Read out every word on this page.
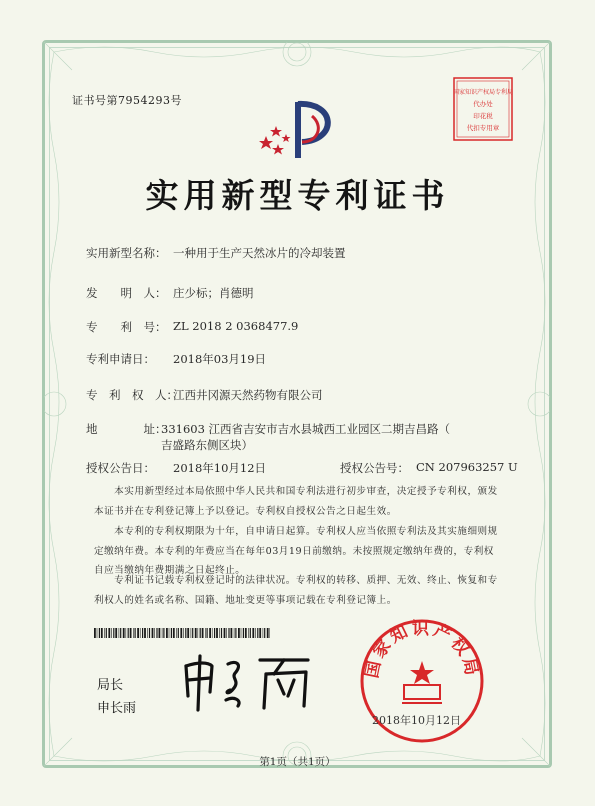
证书号第7954293号
国家知识产权局专利局
代办处
印花税
代扣专用章
实用新型专利证书
实用新型名称： 一种用于生产天然冰片的冷却装置
发　　明　人： 庄少标；肖德明
专　　利　号： ZL 2018 2 0368477.9
专利申请日： 2018年03月19日
专　利　权　人：
江西井冈源天然药物有限公司
地　　　　址：
331603 江西省吉安市吉水县城西工业园区二期吉昌路（
吉盛路东侧区块）
授权公告日： 2018年10月12日	授权公告号： CN 207963257 U
　　本实用新型经过本局依照中华人民共和国专利法进行初步审查，决定授予专利权，颁发
本证书并在专利登记簿上予以登记。专利权自授权公告之日起生效。
　　本专利的专利权期限为十年，自申请日起算。专利权人应当依照专利法及其实施细则规
定缴纳年费。本专利的年费应当在每年03月19日前缴纳。未按照规定缴纳年费的，专利权
自应当缴纳年费期满之日起终止。
　　专利证书记载专利权登记时的法律状况。专利权的转移、质押、无效、终止、恢复和专
利权人的姓名或名称、国籍、地址变更等事项记载在专利登记簿上。
局长
申长雨
国家知识产权局
2018年10月12日
第1页（共1页）
